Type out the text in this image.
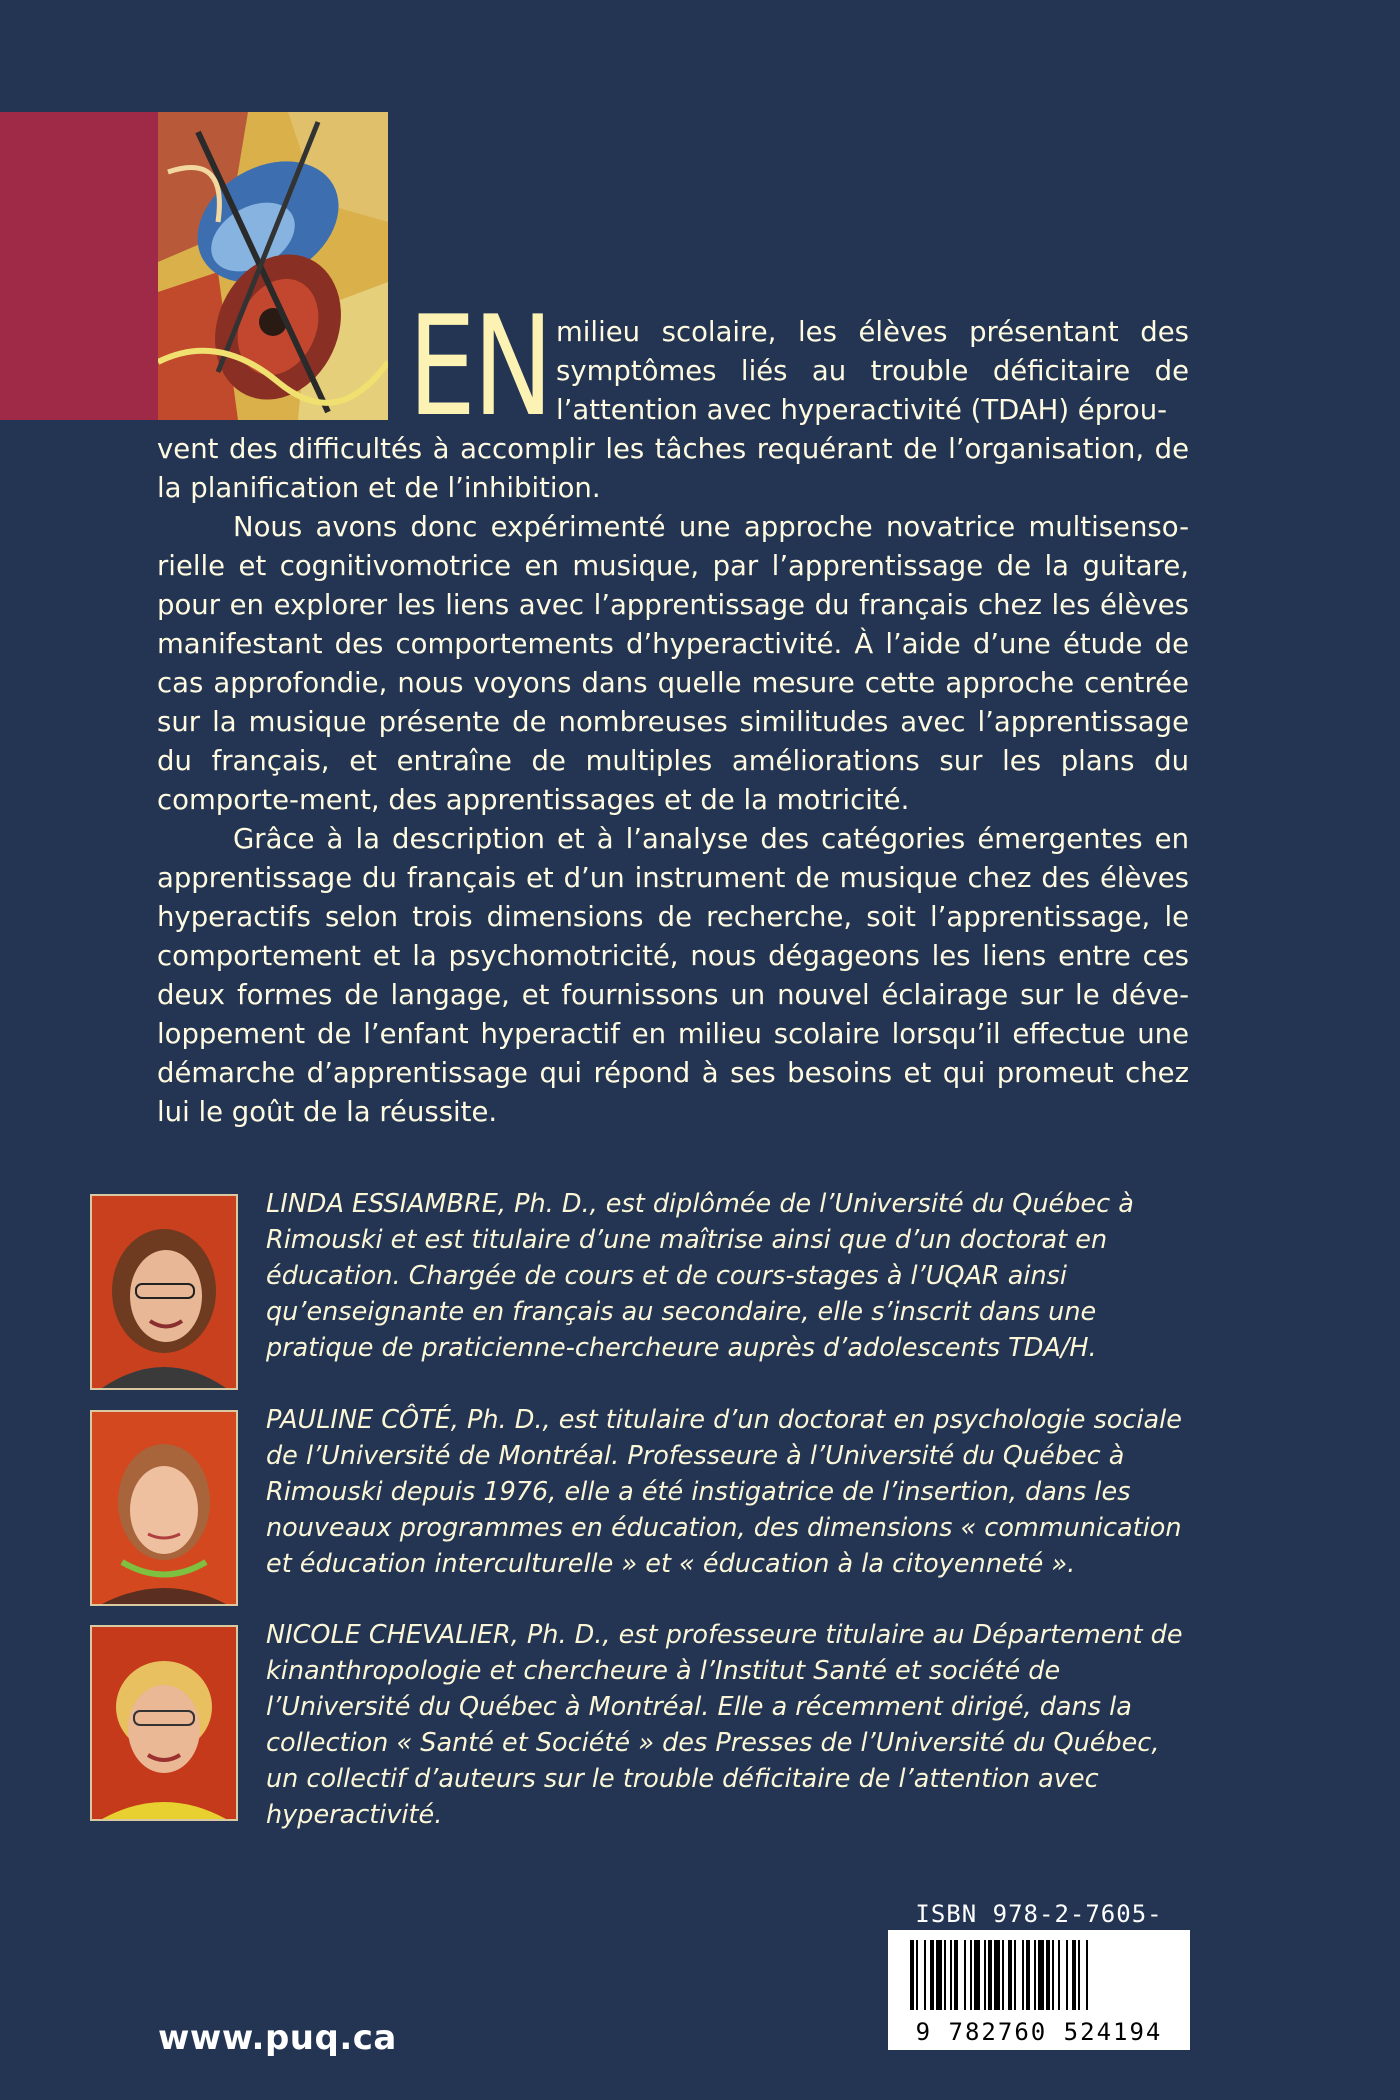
EN milieu scolaire, les élèves présentant des symptômes liés au trouble déficitaire de l’attention avec hyperactivité (TDAH) éprou-

vent des difficultés à accomplir les tâches requérant de l’organisation, de la planification et de l’inhibition.

Nous avons donc expérimenté une approche novatrice multisenso-rielle et cognitivomotrice en musique, par l’apprentissage de la guitare, pour en explorer les liens avec l’apprentissage du français chez les élèves manifestant des comportements d’hyperactivité. À l’aide d’une étude de cas approfondie, nous voyons dans quelle mesure cette approche centrée sur la musique présente de nombreuses similitudes avec l’apprentissage du français, et entraîne de multiples améliorations sur les plans du comporte-ment, des apprentissages et de la motricité.

Grâce à la description et à l’analyse des catégories émergentes en apprentissage du français et d’un instrument de musique chez des élèves hyperactifs selon trois dimensions de recherche, soit l’apprentissage, le comportement et la psychomotricité, nous dégageons les liens entre ces deux formes de langage, et fournissons un nouvel éclairage sur le déve-loppement de l’enfant hyperactif en milieu scolaire lorsqu’il effectue une démarche d’apprentissage qui répond à ses besoins et qui promeut chez lui le goût de la réussite.

LINDA ESSIAMBRE, Ph. D., est diplômée de l’Université du Québec à Rimouski et est titulaire d’une maîtrise ainsi que d’un doctorat en éducation. Chargée de cours et de cours-stages à l’UQAR ainsi qu’enseignante en français au secondaire, elle s’inscrit dans une pratique de praticienne-chercheure auprès d’adolescents TDA/H.

PAULINE CÔTÉ, Ph. D., est titulaire d’un doctorat en psychologie sociale de l’Université de Montréal. Professeure à l’Université du Québec à Rimouski depuis 1976, elle a été instigatrice de l’insertion, dans les nouveaux programmes en éducation, des dimensions « communication et éducation interculturelle » et « éducation à la citoyenneté ».

NICOLE CHEVALIER, Ph. D., est professeure titulaire au Département de kinanthropologie et chercheure à l’Institut Santé et société de l’Université du Québec à Montréal. Elle a récemment dirigé, dans la collection « Santé et Société » des Presses de l’Université du Québec, un collectif d’auteurs sur le trouble déficitaire de l’attention avec hyperactivité.

ISBN 978-2-7605-
9 782760 524194
www.puq.ca
